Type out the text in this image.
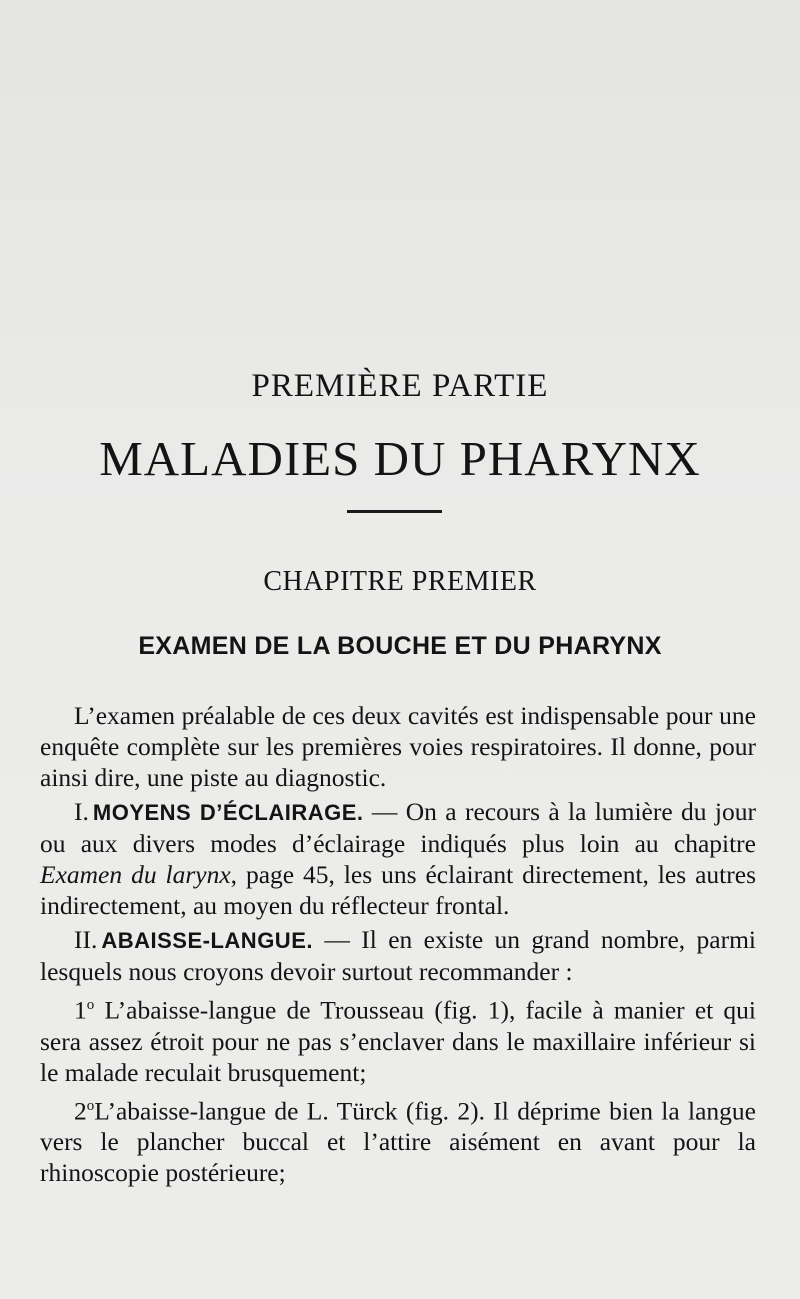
PREMIÈRE PARTIE
MALADIES DU PHARYNX
CHAPITRE PREMIER
EXAMEN DE LA BOUCHE ET DU PHARYNX

L’examen préalable de ces deux cavités est indispensable pour une enquête complète sur les premières voies respiratoires. Il donne, pour ainsi dire, une piste au diagnostic.

I. MOYENS D’ÉCLAIRAGE. — On a recours à la lumière du jour ou aux divers modes d’éclairage indiqués plus loin au chapitre Examen du larynx, page 45, les uns éclairant directement, les autres indirectement, au moyen du réflecteur frontal.

II. ABAISSE-LANGUE. — Il en existe un grand nombre, parmi lesquels nous croyons devoir surtout recommander :

1$^o$ L’abaisse-langue de Trousseau (fig. 1), facile à manier et qui sera assez étroit pour ne pas s’enclaver dans le maxillaire inférieur si le malade reculait brusquement;

2$^o$L’abaisse-langue de L. Türck (fig. 2). Il déprime bien la langue vers le plancher buccal et l’attire aisément en avant pour la rhinoscopie postérieure;
